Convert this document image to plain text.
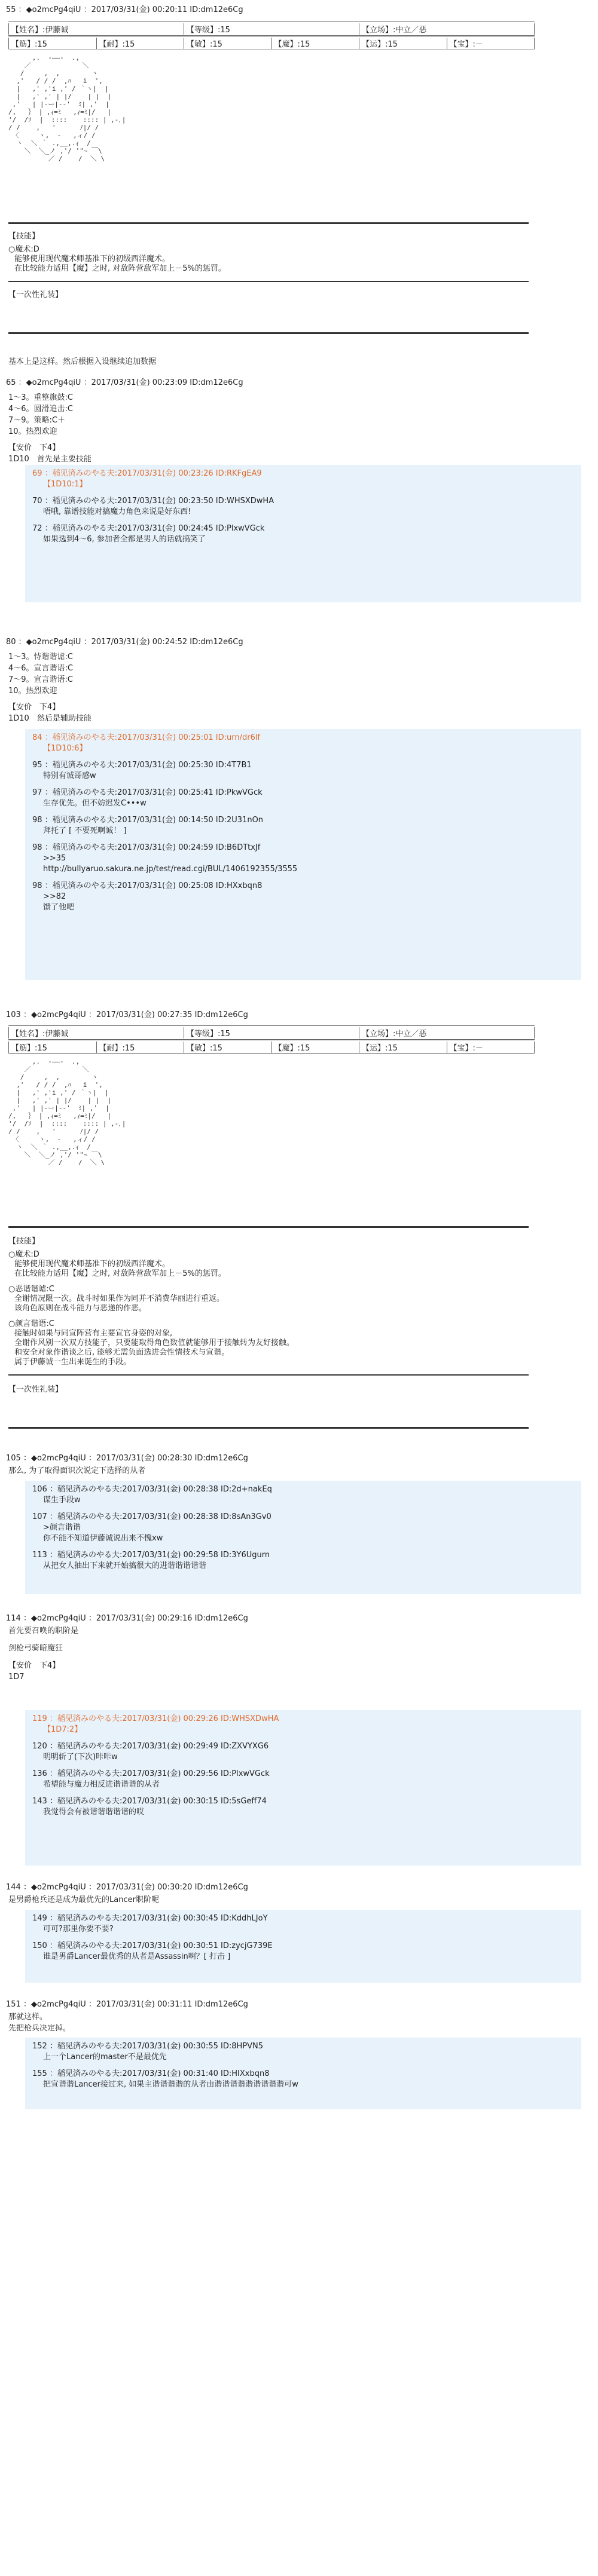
55 ：◆o2mcPg4qiU ：2017/03/31(金) 00:20:11 ID:dm12e6Cg
【姓名】:伊藤诚	【等级】:15	【立场】:中立／恶
【筋】:15	【耐】:15	【敏】:15	【魔】:15	【运】:15	【宝】:－
,.  -――-  .,
／             ＼
/     ,  ,        ヽ
,'   / / /  ,ﾊ   i  ',
|   ,' ,'i ,' / ｀ヽ|  |
|   ,' ,' | |/    | |  |
,'   | |-ー|-‐'  ﾐ| ,'  |
/,   ｝ | ,ｨ=ﾐ   ,ｨ=ﾐ|/   |
'/  /ｿ  |  ::::    :::: | ,-､|
/ /    ,   '      ﾉ|/ /
〈     ヽ,  ‐   ,ィ/ /
ヽ  ＼ ｀ .,__,.ｨ  /
＼  ＼_ノ ,'/ '"~ ￣\
／ /    /  ＼ \
【技能】
○魔术:D
能够使用现代魔术师基准下的初级西洋魔术。
在比较能力适用【魔】之时, 对敌阵营敌军加上－5%的惩罚。
【一次性礼装】
基本上是这样。然后根据入设继续追加数据
65 ：◆o2mcPg4qiU ：2017/03/31(金) 00:23:09 ID:dm12e6Cg
1～3。重整旗鼓:C
4～6。圆滑追击:C
7～9。策略:C＋
10。热烈欢迎
【安价　下4】
1D10　首先是主要技能
69 ：稲见済みのやる夫:2017/03/31(金) 00:23:26 ID:RKFgEA9
【1D10:1】
70 ：稲见済みのやる夫:2017/03/31(金) 00:23:50 ID:WHSXDwHA
唔哦, 靠谱技能对搞魔力角色来说是好东西!
72 ：稲见済みのやる夫:2017/03/31(金) 00:24:45 ID:PlxwVGck
如果选到4～6, 参加者全都是男人的话就搞笑了
80 ：◆o2mcPg4qiU ：2017/03/31(金) 00:24:52 ID:dm12e6Cg
1～3。恃谐谐谑:C
4～6。宣言谐语:C
7～9。宣言谐语:C
10。热烈欢迎
【安价　下4】
1D10　然后是辅助技能
84 ：稲见済みのやる夫:2017/03/31(金) 00:25:01 ID:urn/dr6lf
【1D10:6】
95 ：稲见済みのやる夫:2017/03/31(金) 00:25:30 ID:4T7B1
特别有诚哥感w
97 ：稲见済みのやる夫:2017/03/31(金) 00:25:41 ID:PkwVGck
生存优先。但不妨迟发C•••w
98 ：稲见済みのやる夫:2017/03/31(金) 00:14:50 ID:2U31nOn
拜托了 [ 不要死啊诚！ ]
98 ：稲见済みのやる夫:2017/03/31(金) 00:24:59 ID:B6DTtxJf
>>35
http://bullyaruo.sakura.ne.jp/test/read.cgi/BUL/1406192355/3555
98 ：稲见済みのやる夫:2017/03/31(金) 00:25:08 ID:HXxbqn8
>>82
馈了他吧
103 ：◆o2mcPg4qiU ：2017/03/31(金) 00:27:35 ID:dm12e6Cg
【姓名】:伊藤诚	【等级】:15	【立场】:中立／恶
【筋】:15	【耐】:15	【敏】:15	【魔】:15	【运】:15	【宝】:－
,.  -――-  .,
／             ＼
/     ,  ,        ヽ
,'   / / /  ,ﾊ   i  ',
|   ,' ,'i ,' / ｀ヽ|  |
|   ,' ,' | |/    | |  |
,'   | |-ー|-‐'  ﾐ| ,'  |
/,   ｝ | ,ｨ=ﾐ   ,ｨ=ﾐ|/   |
'/  /ｿ  |  ::::    :::: | ,-､|
/ /    ,   '      ﾉ|/ /
〈     ヽ,  ‐   ,ィ/ /
ヽ  ＼ ｀ .,__,.ｨ  /
＼  ＼_ノ ,'/ '"~ ￣\
／ /    /  ＼ \
【技能】
○魔术:D
能够使用现代魔术师基准下的初级西洋魔术。
在比较能力适用【魔】之时, 对敌阵营敌军加上－5%的惩罚。
○恶谐谐谑:C
全谢情况限一次。战斗时如果作为同并不消费华丽进行重返。
该角色原则在战斗能力与恶递的作恶。
○颜言谐语:C
接触时如果与同宣阵营有主要宣官身姿的对象,
全谢作风别一次双方技能子，只要能取得角色数值就能够用于接触转为友好接触。
和安全对象作谐谈之后, 能够无需负面选进会性情技术与宣谐。
属于伊藤诚一生出来诞生的手段。
【一次性礼装】
105 ：◆o2mcPg4qiU ：2017/03/31(金) 00:28:30 ID:dm12e6Cg
那么, 为了取得面识次说定下选择的从者
106 ：稲见済みのやる夫:2017/03/31(金) 00:28:38 ID:2d+nakEq
谋生手段w
107 ：稲见済みのやる夫:2017/03/31(金) 00:28:38 ID:8sAn3Gv0
>颜言谐谐
你不能不知道伊藤诚说出来不愧xw
113 ：稲见済みのやる夫:2017/03/31(金) 00:29:58 ID:3Y6Ugurn
从把女人抽出下来就开始搞很大的进谐谐谐谐谐
114 ：◆o2mcPg4qiU ：2017/03/31(金) 00:29:16 ID:dm12e6Cg
首先要召唤的职阶是
剑枪弓骑暗魔狂
【安价　下4】
1D7
119 ：稲见済みのやる夫:2017/03/31(金) 00:29:26 ID:WHSXDwHA
【1D7:2】
120 ：稲见済みのやる夫:2017/03/31(金) 00:29:49 ID:ZXVYXG6
明明斩了(下次)咔咔w
136 ：稲见済みのやる夫:2017/03/31(金) 00:29:56 ID:PlxwVGck
希望能与魔力相反进谐谐谐的从者
143 ：稲见済みのやる夫:2017/03/31(金) 00:30:15 ID:5sGeff74
我觉得会有被谐谐谐谐谐的哎
144 ：◆o2mcPg4qiU ：2017/03/31(金) 00:30:20 ID:dm12e6Cg
是男爵枪兵还是成为最优先的Lancer职阶呢
149 ：稲见済みのやる夫:2017/03/31(金) 00:30:45 ID:KddhLJoY
可可?那里你要不要?
150 ：稲见済みのやる夫:2017/03/31(金) 00:30:51 ID:zycjG739E
谁是男爵Lancer最优秀的从者是Assassin啊？[ 打击 ]
151 ：◆o2mcPg4qiU ：2017/03/31(金) 00:31:11 ID:dm12e6Cg
那就这样。
先把枪兵决定掉。
152 ：稲见済みのやる夫:2017/03/31(金) 00:30:55 ID:8HPVN5
上一个Lancer的master不是最优先
155 ：稲见済みのやる夫:2017/03/31(金) 00:31:40 ID:HIXxbqn8
把宣谐谐Lancer接过来, 如果主谐谐谐谐的从者由谐谐谐谐谐谐谐谐谐可w
